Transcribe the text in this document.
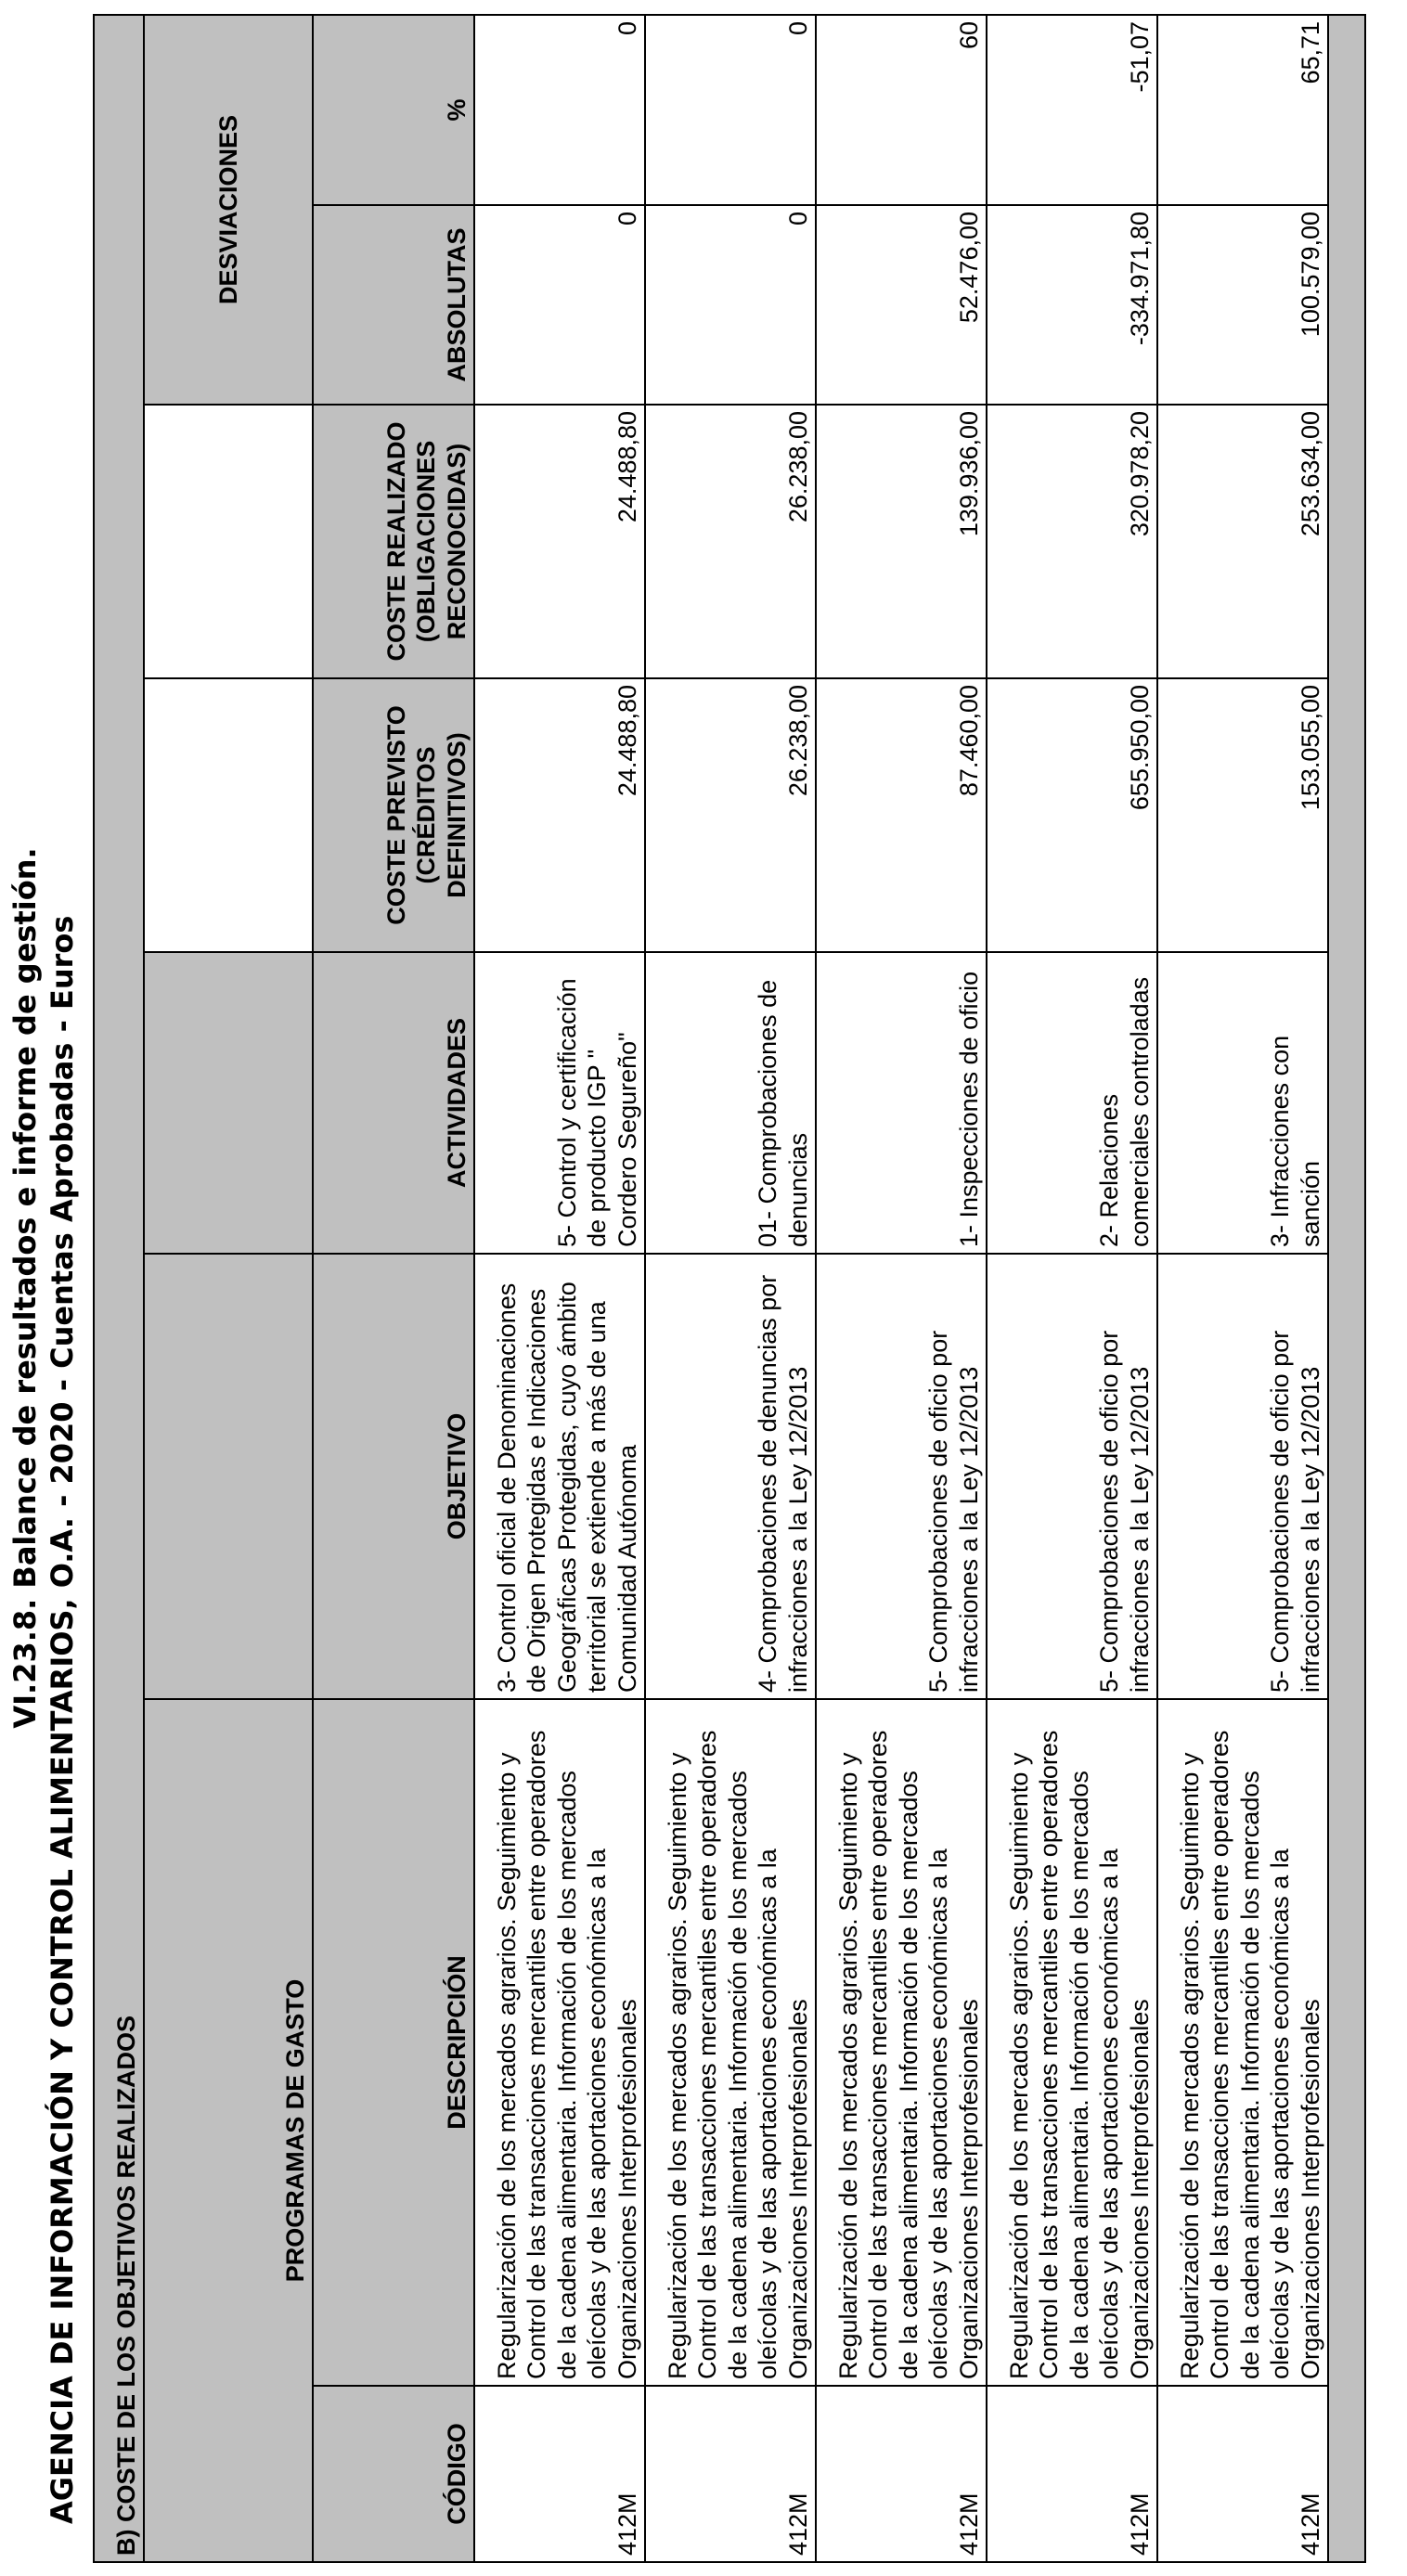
VI.23.8. Balance de resultados e informe de gestión. AGENCIA DE INFORMACIÓN Y CONTROL ALIMENTARIOS, O.A. - 2020 - Cuentas Aprobadas - Euros B) COSTE DE LOS OBJETIVOS REALIZADOS							
PROGRAMAS DE GASTO						DESVIACIONES	
CÓDIGO	DESCRIPCIÓN	OBJETIVO	ACTIVIDADES	COSTE PREVISTO (CRÉDITOS DEFINITIVOS)	COSTE REALIZADO (OBLIGACIONES RECONOCIDAS)	ABSOLUTAS	%
412M	Regularización de los mercados agrarios. Seguimiento y Control de las transacciones mercantiles entre operadores de la cadena alimentaria. Información de los mercados oleícolas y de las aportaciones económicas a la Organizaciones Interprofesionales	3- Control oficial de Denominaciones de Origen Protegidas e Indicaciones Geográficas Protegidas, cuyo ámbito territorial se extiende a más de una Comunidad Autónoma	5- Control y certificación de producto IGP " Cordero Segureño"	24.488,80	24.488,80	0	0
412M	Regularización de los mercados agrarios. Seguimiento y Control de las transacciones mercantiles entre operadores de la cadena alimentaria. Información de los mercados oleícolas y de las aportaciones económicas a la Organizaciones Interprofesionales	4- Comprobaciones de denuncias por infracciones a la Ley 12/2013	01- Comprobaciones de denuncias	26.238,00	26.238,00	0	0
412M	Regularización de los mercados agrarios. Seguimiento y Control de las transacciones mercantiles entre operadores de la cadena alimentaria. Información de los mercados oleícolas y de las aportaciones económicas a la Organizaciones Interprofesionales	5- Comprobaciones de oficio por infracciones a la Ley 12/2013	1- Inspecciones de oficio	87.460,00	139.936,00	52.476,00	60
412M	Regularización de los mercados agrarios. Seguimiento y Control de las transacciones mercantiles entre operadores de la cadena alimentaria. Información de los mercados oleícolas y de las aportaciones económicas a la Organizaciones Interprofesionales	5- Comprobaciones de oficio por infracciones a la Ley 12/2013	2- Relaciones comerciales controladas	655.950,00	320.978,20	-334.971,80	-51,07
412M	Regularización de los mercados agrarios. Seguimiento y Control de las transacciones mercantiles entre operadores de la cadena alimentaria. Información de los mercados oleícolas y de las aportaciones económicas a la Organizaciones Interprofesionales	5- Comprobaciones de oficio por infracciones a la Ley 12/2013	3- Infracciones con sanción	153.055,00	253.634,00	100.579,00	65,71
